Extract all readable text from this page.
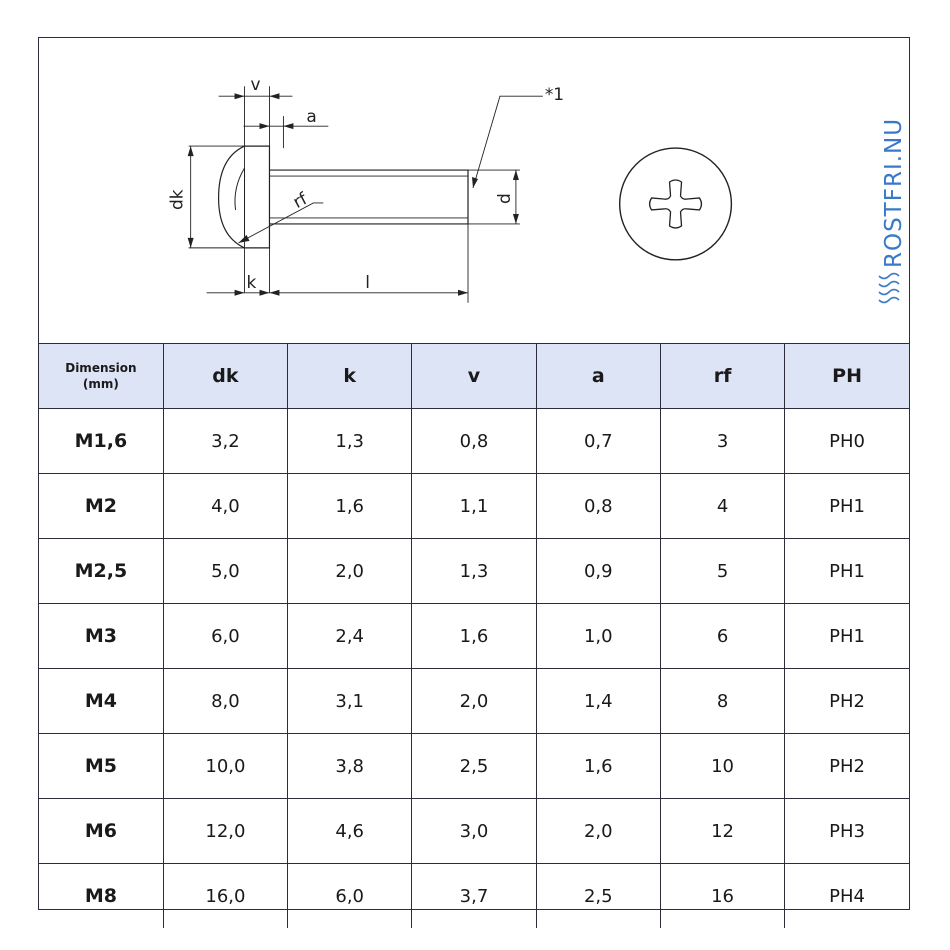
v
a
*1
rf
dk	d
k	l
ROSTFRI.NU
Dimension
(mm)	dk	k	v	a	rf	PH
M1,6	3,2	1,3	0,8	0,7	3	PH0
M2	4,0	1,6	1,1	0,8	4	PH1
M2,5	5,0	2,0	1,3	0,9	5	PH1
M3	6,0	2,4	1,6	1,0	6	PH1
M4	8,0	3,1	2,0	1,4	8	PH2
M5	10,0	3,8	2,5	1,6	10	PH2
M6	12,0	4,6	3,0	2,0	12	PH3
M8	16,0	6,0	3,7	2,5	16	PH4
